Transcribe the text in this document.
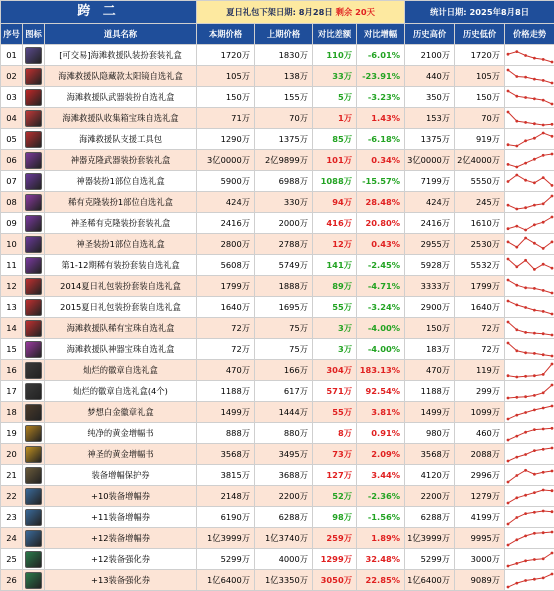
跨 二			夏日礼包下架日期: 8月28日 剩余 20天				统计日期: 2025年8月8日		
序号	图标	道具名称	本期价格	上期价格	对比差额	对比增幅	历史高价	历史低价	价格走势
01		[可交易]海滩救援队装扮套装礼盒	1720万	1830万	110万	-6.01%	2100万	1720万	

02		海滩救援队隐藏款太阳镜自选礼盒	105万	138万	33万	-23.91%	440万	105万	

03		海滩救援队武器装扮自选礼盒	150万	155万	5万	-3.23%	350万	150万	

04		海滩救援队收集箱宝珠自选礼盒	71万	70万	1万	1.43%	153万	70万	

05		海滩救援队支援工具包	1290万	1375万	85万	-6.18%	1375万	919万	

06		神器克隆武器装扮套装礼盒	3亿0000万	2亿9899万	101万	0.34%	3亿0000万	2亿4000万	

07		神器装扮1部位自选礼盒	5900万	6988万	1088万	-15.57%	7199万	5550万	

08		稀有克隆装扮1部位自选礼盒	424万	330万	94万	28.48%	424万	245万	

09		神圣稀有克隆装扮套装礼盒	2416万	2000万	416万	20.80%	2416万	1610万	

10		神圣装扮1部位自选礼盒	2800万	2788万	12万	0.43%	2955万	2530万	

11		第1-12期稀有装扮套装自选礼盒	5608万	5749万	141万	-2.45%	5928万	5532万	

12		2014夏日礼包装扮套装自选礼盒	1799万	1888万	89万	-4.71%	3333万	1799万	

13		2015夏日礼包装扮套装自选礼盒	1640万	1695万	55万	-3.24%	2900万	1640万	

14		海滩救援队稀有宝珠自选礼盒	72万	75万	3万	-4.00%	150万	72万	

15		海滩救援队神器宝珠自选礼盒	72万	75万	3万	-4.00%	183万	72万	

16		灿烂的徽章自选礼盒	470万	166万	304万	183.13%	470万	119万	

17		灿烂的徽章自选礼盒(4个)	1188万	617万	571万	92.54%	1188万	299万	

18		梦想白金徽章礼盒	1499万	1444万	55万	3.81%	1499万	1099万	

19		纯净的黄金增幅书	888万	880万	8万	0.91%	980万	460万	

20		神圣的黄金增幅书	3568万	3495万	73万	2.09%	3568万	2088万	

21		装备增幅保护券	3815万	3688万	127万	3.44%	4120万	2996万	

22		+10装备增幅券	2148万	2200万	52万	-2.36%	2200万	1279万	

23		+11装备增幅券	6190万	6288万	98万	-1.56%	6288万	4199万	

24		+12装备增幅券	1亿3999万	1亿3740万	259万	1.89%	1亿3999万	9995万	

25		+12装备强化券	5299万	4000万	1299万	32.48%	5299万	3000万	

26		+13装备强化券	1亿6400万	1亿3350万	3050万	22.85%	1亿6400万	9089万	
